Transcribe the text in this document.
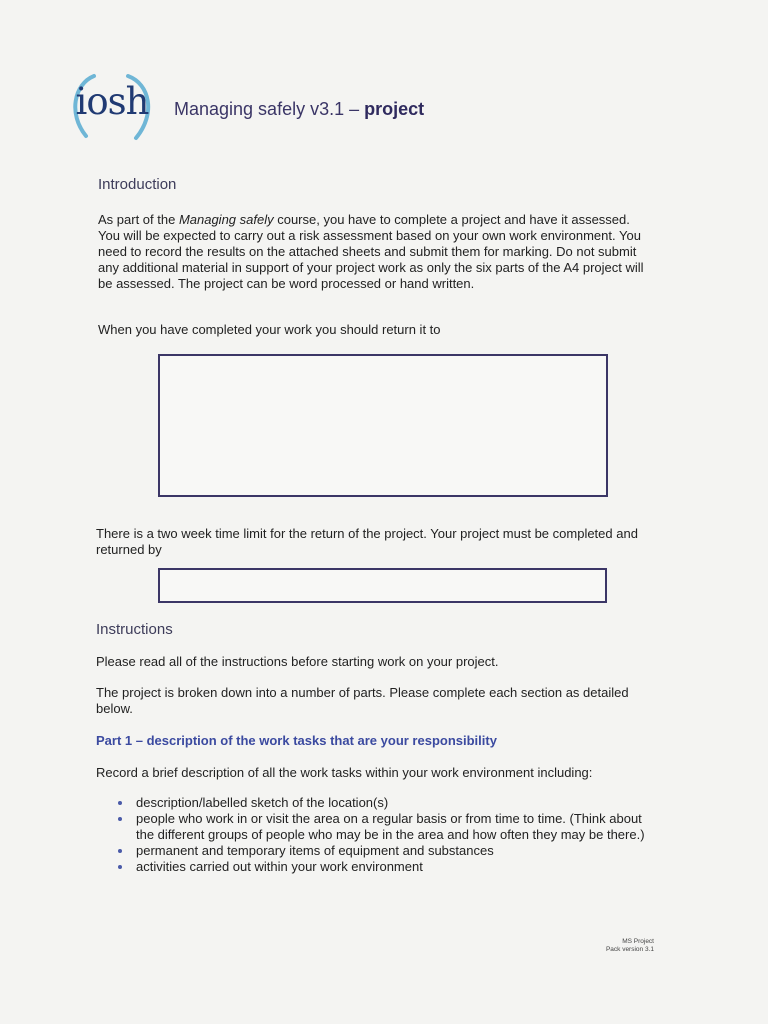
iosh	Managing safely v3.1 – project
Introduction
As part of the Managing safely course, you have to complete a project and have it assessed. You will be expected to carry out a risk assessment based on your own work environment. You need to record the results on the attached sheets and submit them for marking. Do not submit any additional material in support of your project work as only the six parts of the A4 project will be assessed. The project can be word processed or hand written.
When you have completed your work you should return it to
There is a two week time limit for the return of the project. Your project must be completed and returned by
Instructions
Please read all of the instructions before starting work on your project.
The project is broken down into a number of parts. Please complete each section as detailed below.
Part 1 – description of the work tasks that are your responsibility
Record a brief description of all the work tasks within your work environment including:
description/labelled sketch of the location(s)
people who work in or visit the area on a regular basis or from time to time. (Think about the different groups of people who may be in the area and how often they may be there.)
permanent and temporary items of equipment and substances
activities carried out within your work environment
MS Project
Pack version 3.1
